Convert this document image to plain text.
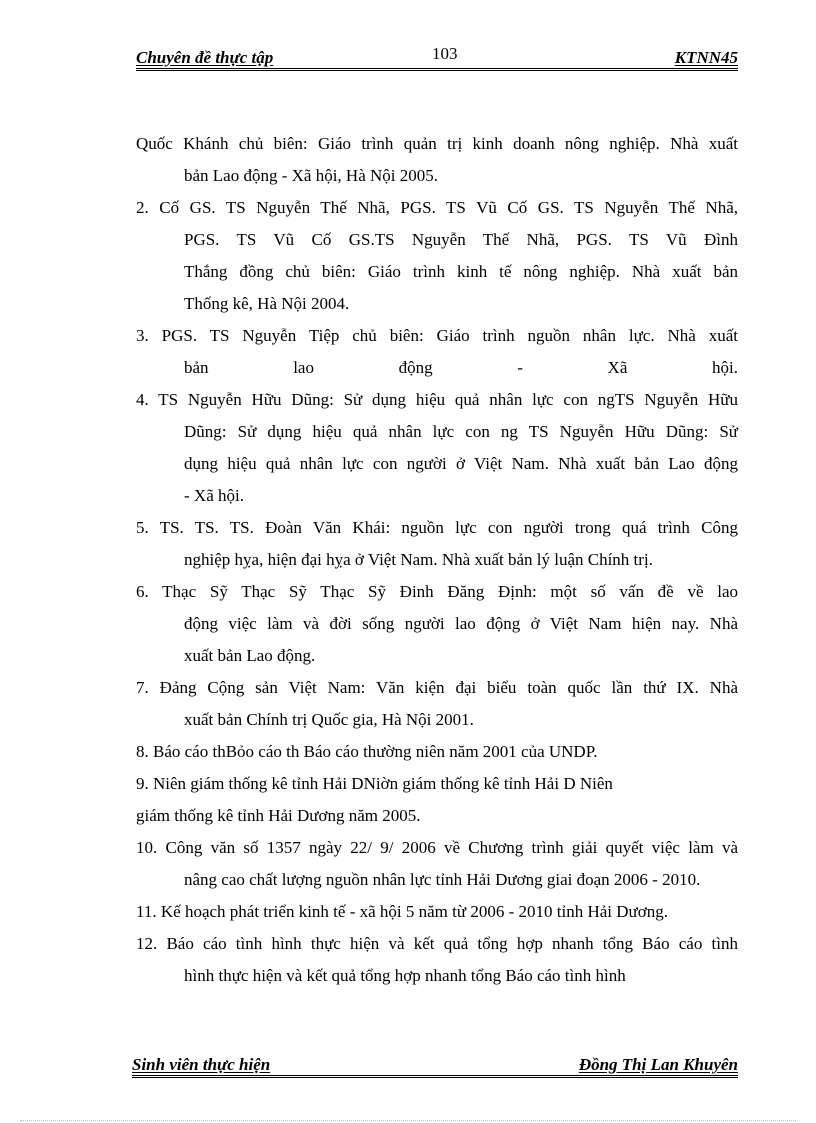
Chuyên đề thực tập	103	KTNN45
Quốc Khánh chủ biên: Giáo trình quản trị kinh doanh nông nghiệp. Nhà xuất
bản Lao động - Xã hội, Hà Nội 2005.
2. Cố GS. TS Nguyễn Thế Nhã, PGS. TS Vũ Cố GS. TS Nguyễn Thế Nhã,
PGS. TS Vũ Cố GS.TS Nguyễn Thế Nhã, PGS. TS Vũ Đình
Thắng đồng chủ biên: Giáo trình kinh tế nông nghiệp. Nhà xuất bản
Thống kê, Hà Nội 2004.
3. PGS. TS Nguyễn Tiệp chủ biên: Giáo trình nguồn nhân lực. Nhà xuất
bản lao động - Xã hội.
4. TS Nguyễn Hữu Dũng: Sử dụng hiệu quả nhân lực con ngTS Nguyễn Hữu
Dũng: Sử dụng hiệu quả nhân lực con ng TS Nguyễn Hữu Dũng: Sử
dụng hiệu quả nhân lực con người ở Việt Nam. Nhà xuất bản Lao động
- Xã hội.
5. TS. TS. TS. Đoàn Văn Khái: nguồn lực con người trong quá trình Công
nghiệp hỵa, hiện đại hỵa ở Việt Nam. Nhà xuất bản lý luận Chính trị.
6. Thạc Sỹ Thạc Sỹ Thạc Sỹ Đinh Đăng Định: một số vấn đề về lao
động việc làm và đời sống người lao động ở Việt Nam hiện nay. Nhà
xuất bản Lao động.
7. Đảng Cộng sản Việt Nam: Văn kiện đại biểu toàn quốc lần thứ IX. Nhà
xuất bản Chính trị Quốc gia, Hà Nội 2001.
8. Báo cáo thBỏo cáo th Báo cáo thường niên năm 2001 của UNDP.
9. Niên giám thống kê tỉnh Hải DNiờn giám thống kê tỉnh Hải D Niên
giám thống kê tỉnh Hải Dương năm 2005.
10. Công văn số 1357 ngày 22/ 9/ 2006 về Chương trình giải quyết việc làm và
nâng cao chất lượng nguồn nhân lực tỉnh Hải Dương giai đoạn 2006 - 2010.
11. Kế hoạch phát triển kinh tế - xã hội 5 năm từ 2006 - 2010 tỉnh Hải Dương.
12. Báo cáo tình hình thực hiện và kết quả tổng hợp nhanh tổng Báo cáo tình
hình thực hiện và kết quả tổng hợp nhanh tổng Báo cáo tình hình
Sinh viên thực hiện	Đồng Thị Lan Khuyên
